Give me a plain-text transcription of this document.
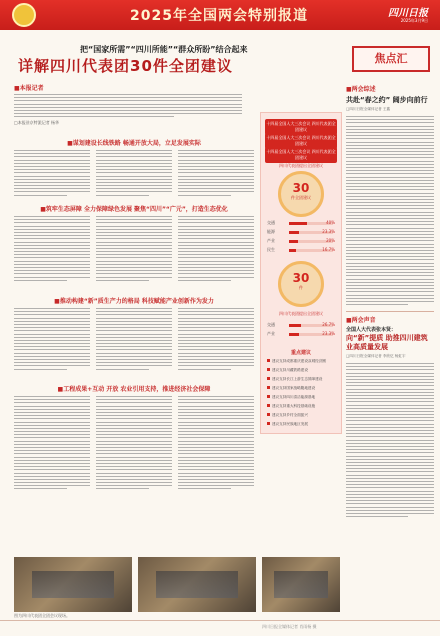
2025年全国两会特别报道	四川日报
2025年3月9日
把“国家所需”“四川所能”“群众所盼”结合起来
详解四川代表团30件全团建议	焦点汇
■本报记者
□本报驻京特派记者 杨华
■谋划建设长线铁路 畅通开放大局，立足发展实际
■筑牢生态屏障 全力保障绿色发展 聚焦“四川”“广元”，打造生态优化
■推动构建“新”质生产力的格局 科技赋能产业创新作为发力
■工程成果+互动 开放 农业引用支持，推进经济社会保障
十四届全国人大三次会议 四川代表团全团建议
十四届全国人大三次会议 四川代表团全团建议
十四届全国人大三次会议 四川代表团全团建议
四川代表团提出全团建议
30
件全团建议
交通	40%
能源	23.3%
产业	20%
民生	16.7%
30
件
四川代表团提出全团建议
交通	26.7%
产业	23.3%
重点建议
建议支持成都重庆建设双城经济圈
建议支持川藏铁路建设
建议支持长江上游生态屏障建设
建议支持国家战略腹地建设
建议支持四川清洁能源基地
建议支持重大科技基础设施
建议支持乡村全面振兴
建议支持民族地区发展
■两会综述
共赴“春之约” 阔步向前行
□四川日报全媒体记者 王鑫
■两会声音
全国人大代表张本贤：
向“新”提质 助推四川建筑业高质量发展
□四川日报全媒体记者 李欣忆 杨虹宇
图为四川代表团全团会议现场。
四川日报全媒体记者 肖雨杨 摄
